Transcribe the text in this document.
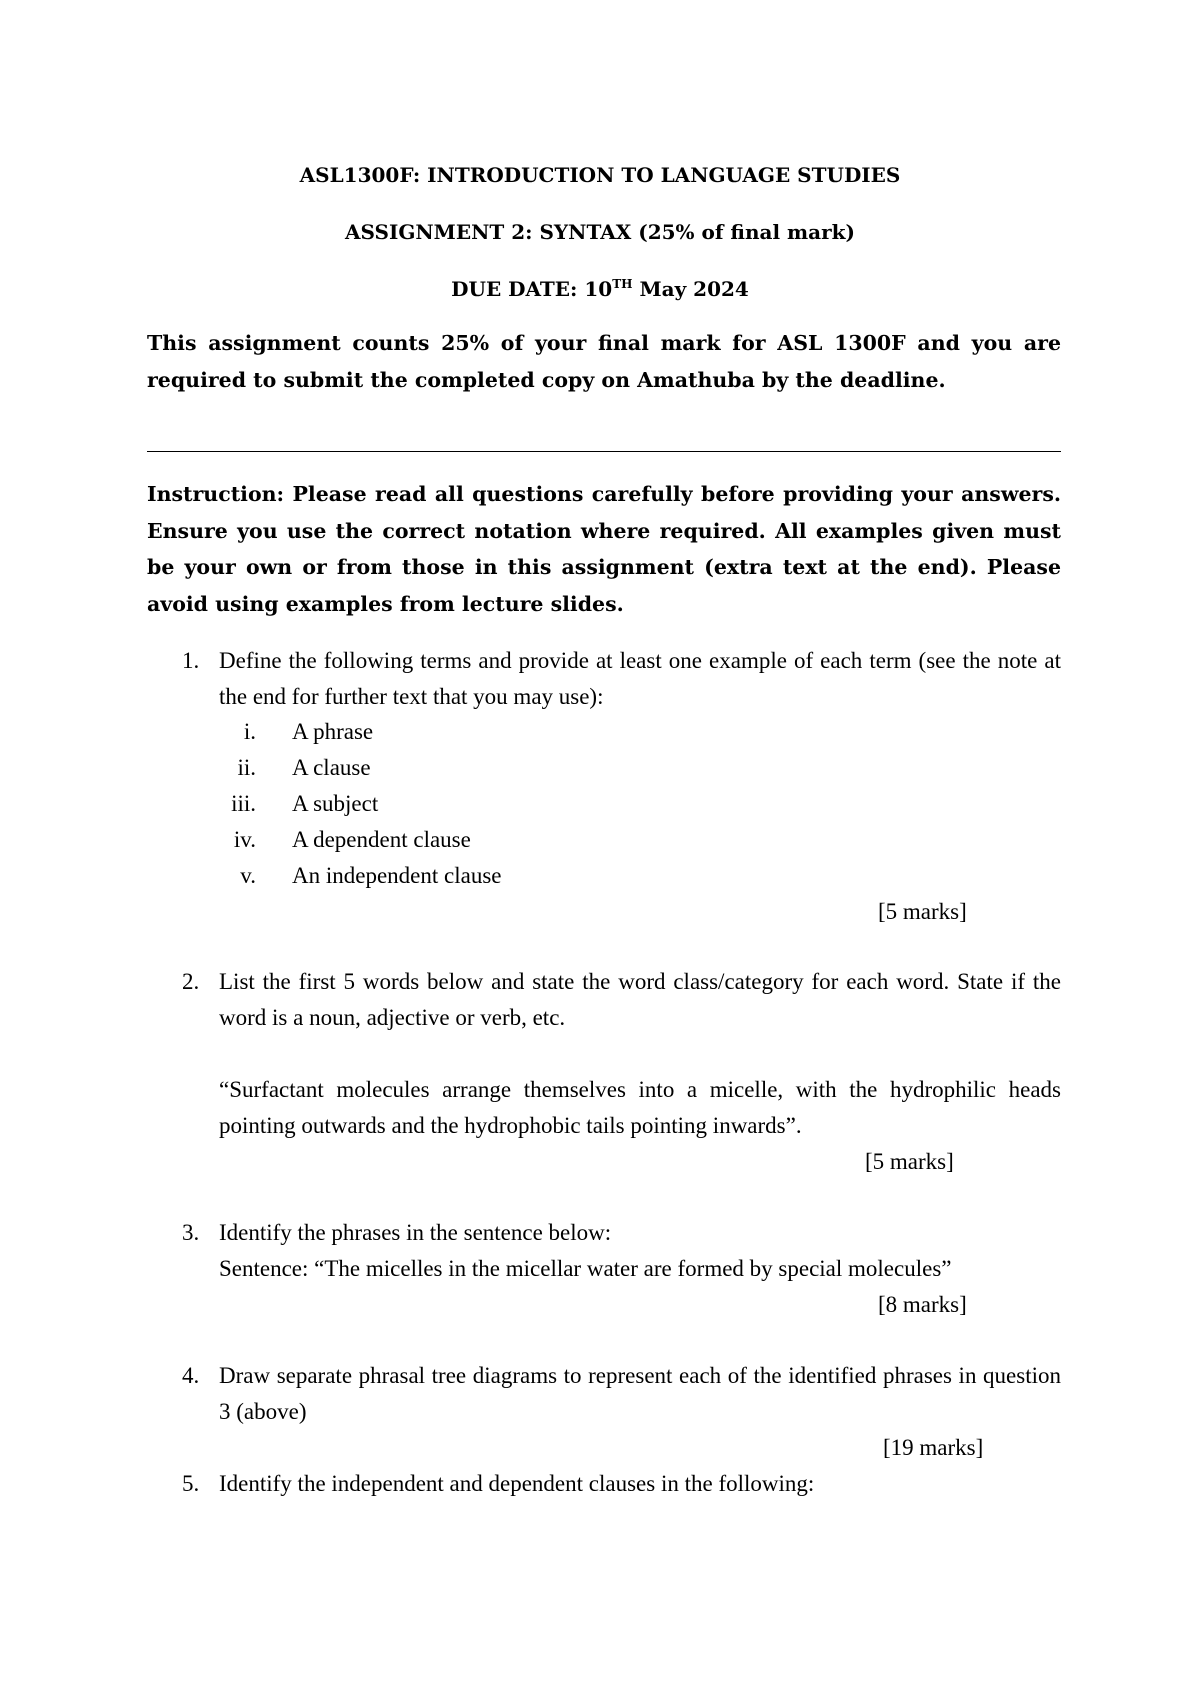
ASL1300F: INTRODUCTION TO LANGUAGE STUDIES
ASSIGNMENT 2: SYNTAX (25% of final mark)
DUE DATE: 10TH May 2024
This assignment counts 25% of your final mark for ASL 1300F and you are required to submit the completed copy on Amathuba by the deadline.
Instruction: Please read all questions carefully before providing your answers. Ensure you use the correct notation where required. All examples given must be your own or from those in this assignment (extra text at the end). Please avoid using examples from lecture slides.
1. Define the following terms and provide at least one example of each term (see the note at the end for further text that you may use):
i. A phrase
ii. A clause
iii. A subject
iv. A dependent clause
v. An independent clause
[5 marks]
2. List the first 5 words below and state the word class/category for each word. State if the word is a noun, adjective or verb, etc.
“Surfactant molecules arrange themselves into a micelle, with the hydrophilic heads pointing outwards and the hydrophobic tails pointing inwards”.
[5 marks]
3. Identify the phrases in the sentence below:
Sentence: “The micelles in the micellar water are formed by special molecules”
[8 marks]
4. Draw separate phrasal tree diagrams to represent each of the identified phrases in question 3 (above)
[19 marks]
5. Identify the independent and dependent clauses in the following:
